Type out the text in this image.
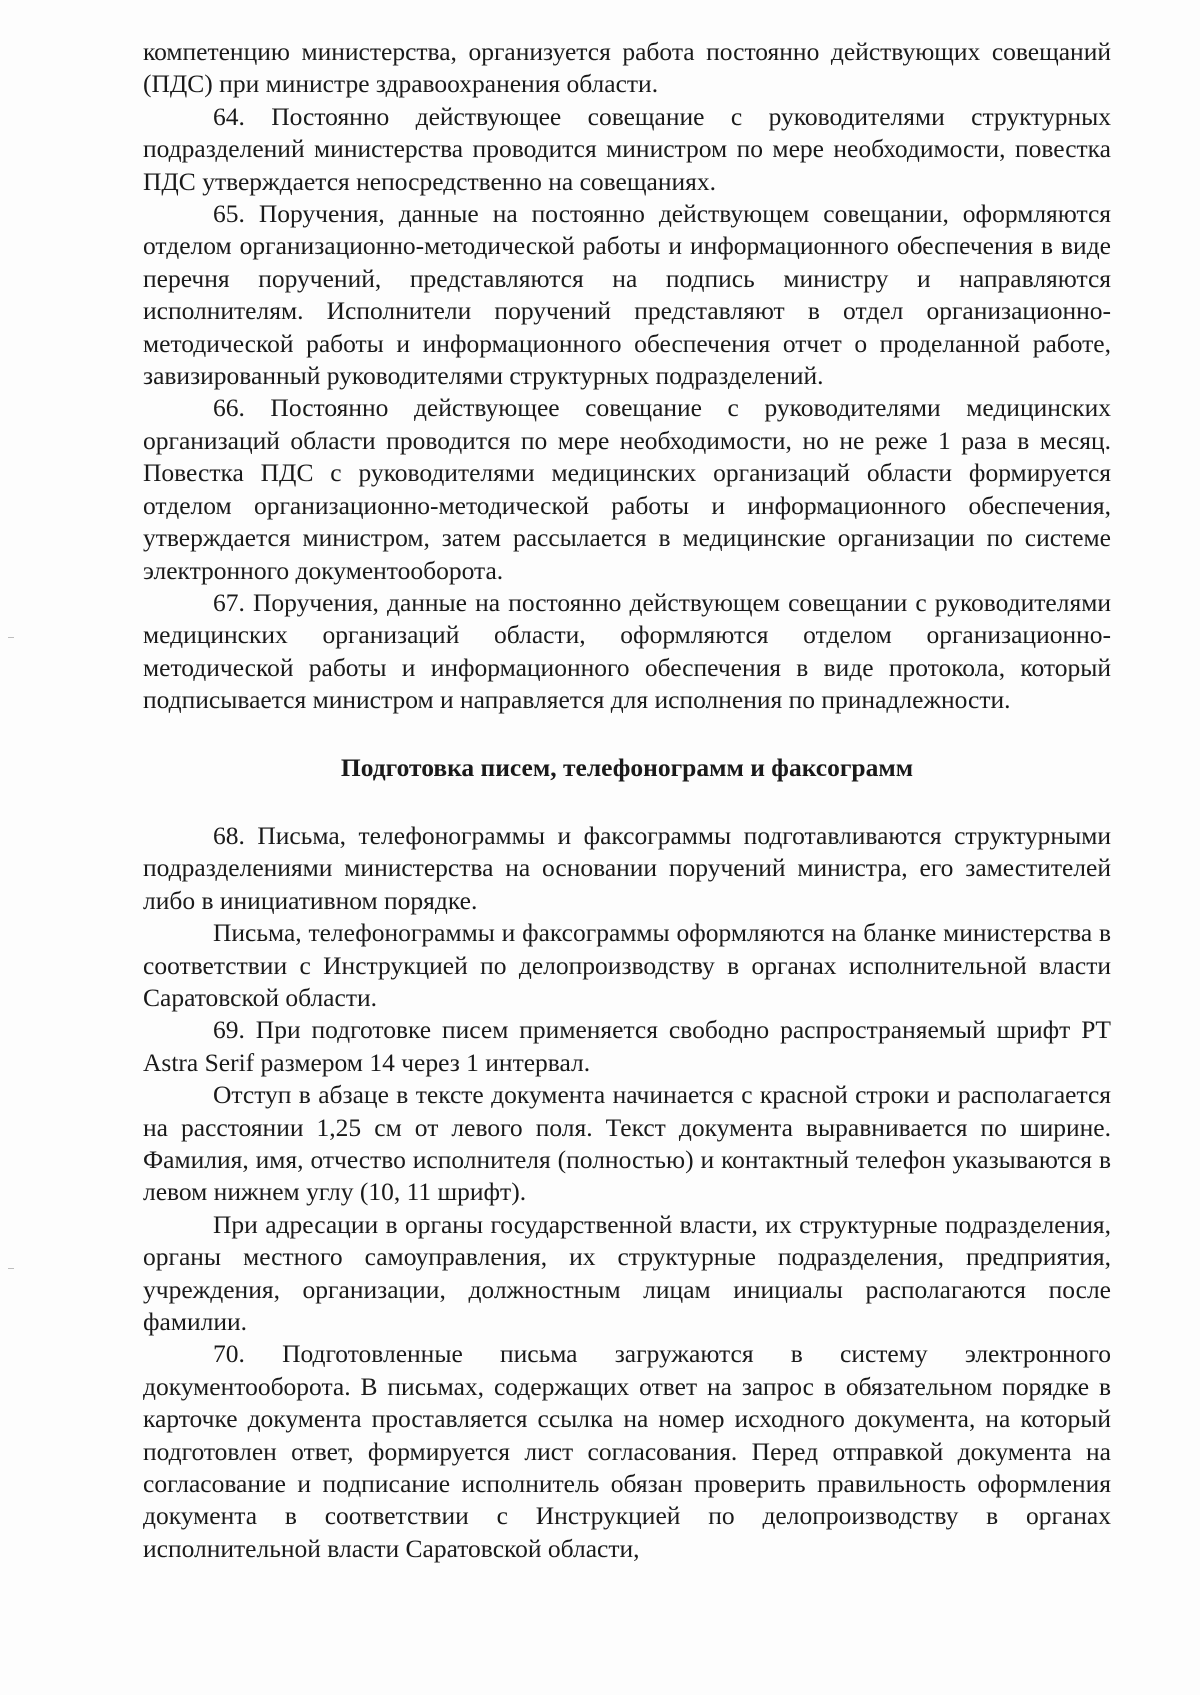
компетенцию министерства, организуется работа постоянно действующих совещаний (ПДС) при министре здравоохранения области.

64. Постоянно действующее совещание с руководителями структурных подразделений министерства проводится министром по мере необходимости, повестка ПДС утверждается непосредственно на совещаниях.

65. Поручения, данные на постоянно действующем совещании, оформляются отделом организационно-методической работы и информационного обеспечения в виде перечня поручений, представляются на подпись министру и направляются исполнителям. Исполнители поручений представляют в отдел организационно-методической работы и информационного обеспечения отчет о проделанной работе, завизированный руководителями структурных подразделений.

66. Постоянно действующее совещание с руководителями медицинских организаций области проводится по мере необходимости, но не реже 1 раза в месяц. Повестка ПДС с руководителями медицинских организаций области формируется отделом организационно-методической работы и информационного обеспечения, утверждается министром, затем рассылается в медицинские организации по системе электронного документооборота.

67. Поручения, данные на постоянно действующем совещании с руководителями медицинских организаций области, оформляются отделом организационно-методической работы и информационного обеспечения в виде протокола, который подписывается министром и направляется для исполнения по принадлежности.

Подготовка писем, телефонограмм и факсограмм

68. Письма, телефонограммы и факсограммы подготавливаются структурными подразделениями министерства на основании поручений министра, его заместителей либо в инициативном порядке.

Письма, телефонограммы и факсограммы оформляются на бланке министерства в соответствии с Инструкцией по делопроизводству в органах исполнительной власти Саратовской области.

69. При подготовке писем применяется свободно распространяемый шрифт PT Astra Serif размером 14 через 1 интервал.

Отступ в абзаце в тексте документа начинается с красной строки и располагается на расстоянии 1,25 см от левого поля. Текст документа выравнивается по ширине. Фамилия, имя, отчество исполнителя (полностью) и контактный телефон указываются в левом нижнем углу (10, 11 шрифт).

При адресации в органы государственной власти, их структурные подразделения, органы местного самоуправления, их структурные подразделения, предприятия, учреждения, организации, должностным лицам инициалы располагаются после фамилии.

70. Подготовленные письма загружаются в систему электронного документооборота. В письмах, содержащих ответ на запрос в обязательном порядке в карточке документа проставляется ссылка на номер исходного документа, на который подготовлен ответ, формируется лист согласования. Перед отправкой документа на согласование и подписание исполнитель обязан проверить правильность оформления документа в соответствии с Инструкцией по делопроизводству в органах исполнительной власти Саратовской области,
